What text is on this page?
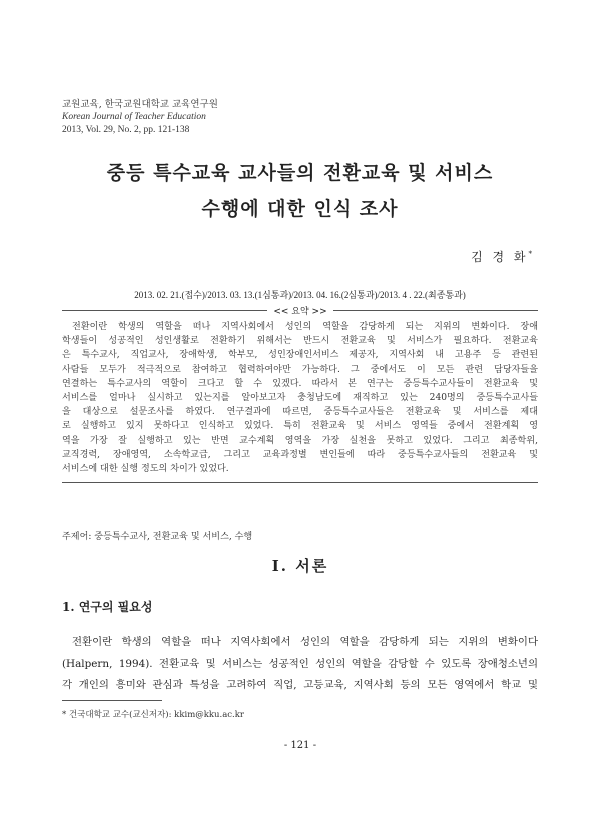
교원교육, 한국교원대학교 교육연구원
Korean Journal of Teacher Education
2013, Vol. 29, No. 2, pp. 121-138
중등 특수교육 교사들의 전환교육 및 서비스
수행에 대한 인식 조사
김 경 화*
2013. 02. 21.(접수)/2013. 03. 13.(1심통과)/2013. 04. 16.(2심통과)/2013. 4 . 22.(최종통과)
<< 요약 >>
전환이란 학생의 역할을 떠나 지역사회에서 성인의 역할을 감당하게 되는 지위의 변화이다. 장애
학생들이 성공적인 성인생활로 전환하기 위해서는 반드시 전환교육 및 서비스가 필요하다. 전환교육
은 특수교사, 직업교사, 장애학생, 학부모, 성인장애인서비스 제공자, 지역사회 내 고용주 등 관련된
사람들 모두가 적극적으로 참여하고 협력하여야만 가능하다. 그 중에서도 이 모든 관련 담당자들을
연결하는 특수교사의 역할이 크다고 할 수 있겠다. 따라서 본 연구는 중등특수교사들이 전환교육 및
서비스를 얼마나 실시하고 있는지를 알아보고자 충청남도에 재직하고 있는 240명의 중등특수교사들
을 대상으로 설문조사를 하였다. 연구결과에 따르면, 중등특수교사들은 전환교육 및 서비스를 제대
로 실행하고 있지 못하다고 인식하고 있었다. 특히 전환교육 및 서비스 영역들 중에서 전환계획 영
역을 가장 잘 실행하고 있는 반면 교수계획 영역을 가장 실천을 못하고 있었다. 그리고 최종학위,
교직경력, 장애영역, 소속학교급, 그리고 교육과정별 변인들에 따라 중등특수교사들의 전환교육 및
서비스에 대한 실행 정도의 차이가 있었다.
주제어: 중등특수교사, 전환교육 및 서비스, 수행
I. 서론
1. 연구의 필요성
전환이란 학생의 역할을 떠나 지역사회에서 성인의 역할을 감당하게 되는 지위의 변화이다
(Halpern, 1994). 전환교육 및 서비스는 성공적인 성인의 역할을 감당할 수 있도록 장애청소년의
각 개인의 흥미와 관심과 특성을 고려하여 직업, 고등교육, 지역사회 등의 모든 영역에서 학교 및
* 건국대학교 교수(교신저자): kkim@kku.ac.kr
- 121 -
